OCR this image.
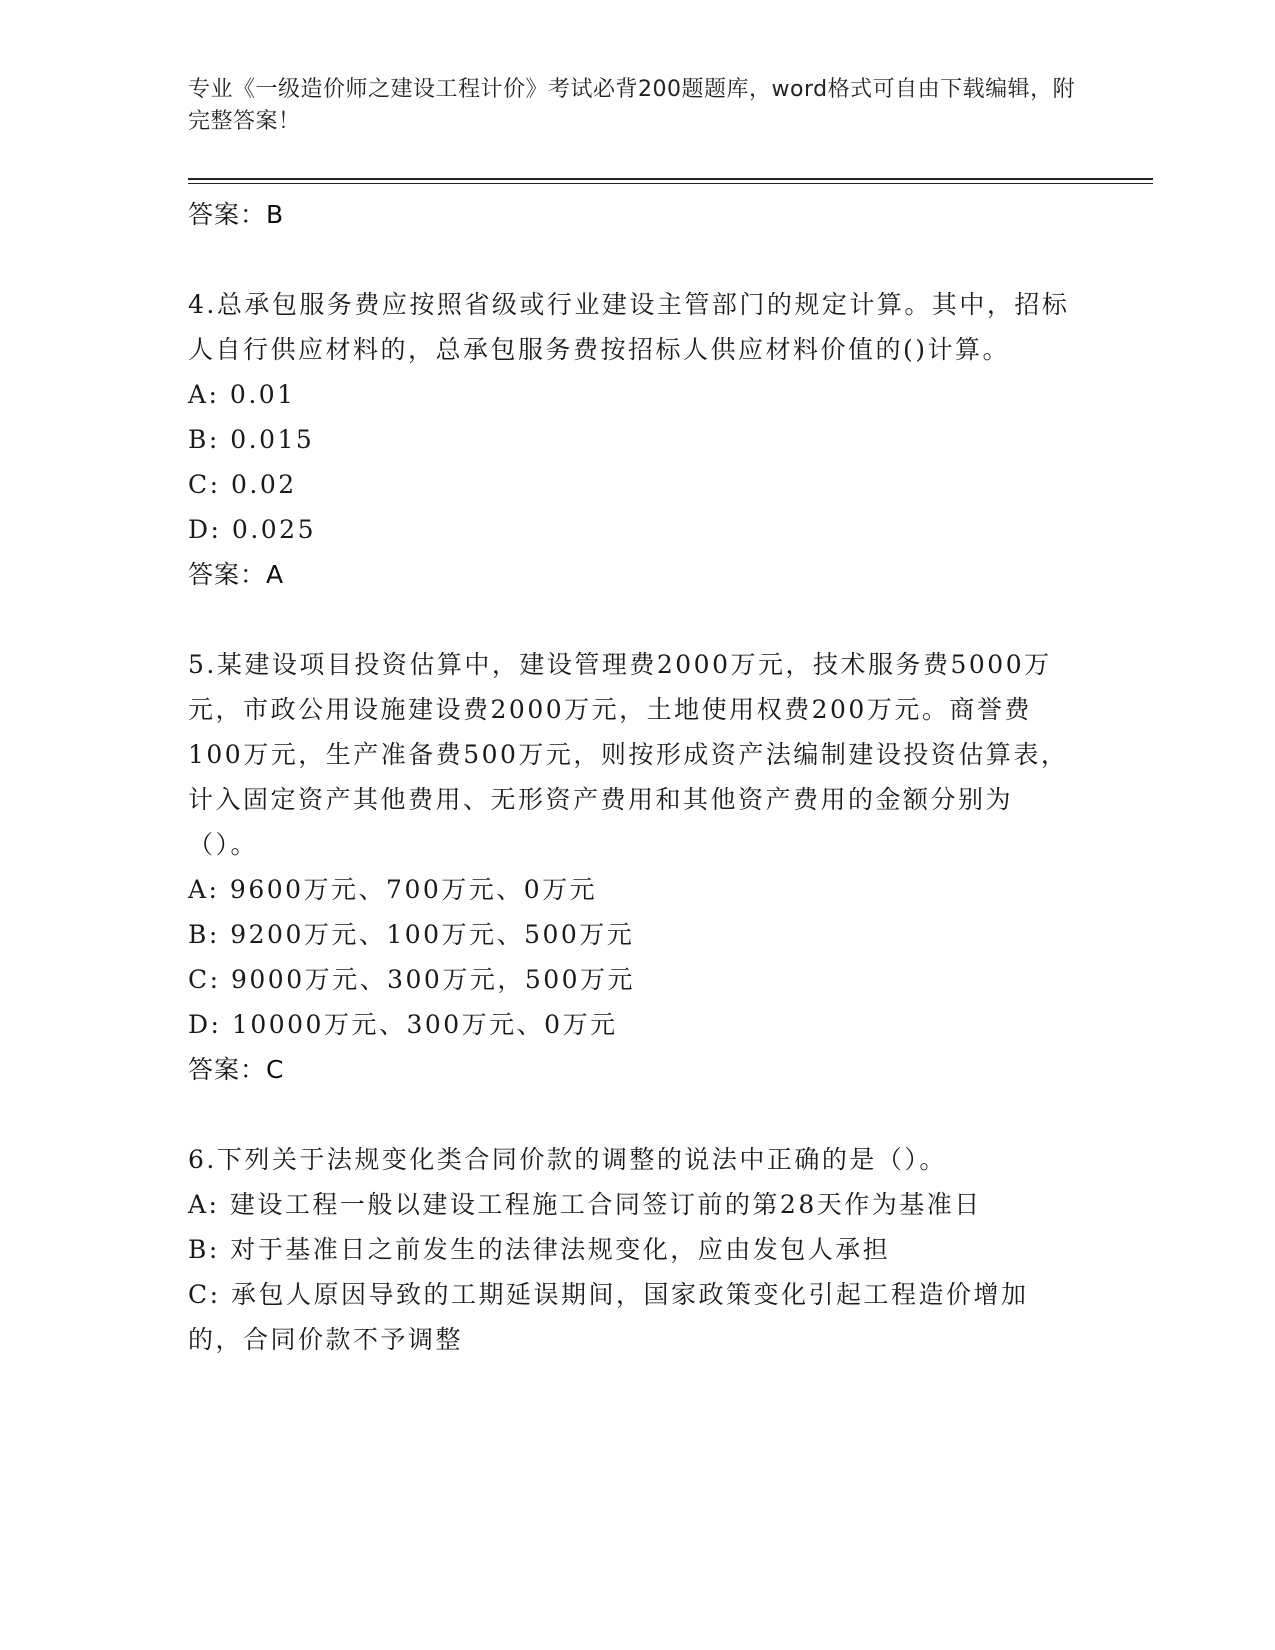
专业《一级造价师之建设工程计价》考试必背200题题库，word格式可自由下载编辑，附完整答案！
答案：B
4.总承包服务费应按照省级或行业建设主管部门的规定计算。其中，招标人自行供应材料的，总承包服务费按招标人供应材料价值的()计算。
A: 0.01
B: 0.015
C: 0.02
D: 0.025
答案：A
5.某建设项目投资估算中，建设管理费2000万元，技术服务费5000万元，市政公用设施建设费2000万元，土地使用权费200万元。商誉费100万元，生产准备费500万元，则按形成资产法编制建设投资估算表，计入固定资产其他费用、无形资产费用和其他资产费用的金额分别为（）。
A: 9600万元、700万元、0万元
B: 9200万元、100万元、500万元
C: 9000万元、300万元，500万元
D: 10000万元、300万元、0万元
答案：C
6.下列关于法规变化类合同价款的调整的说法中正确的是（）。
A: 建设工程一般以建设工程施工合同签订前的第28天作为基准日
B: 对于基准日之前发生的法律法规变化，应由发包人承担
C: 承包人原因导致的工期延误期间，国家政策变化引起工程造价增加的，合同价款不予调整
